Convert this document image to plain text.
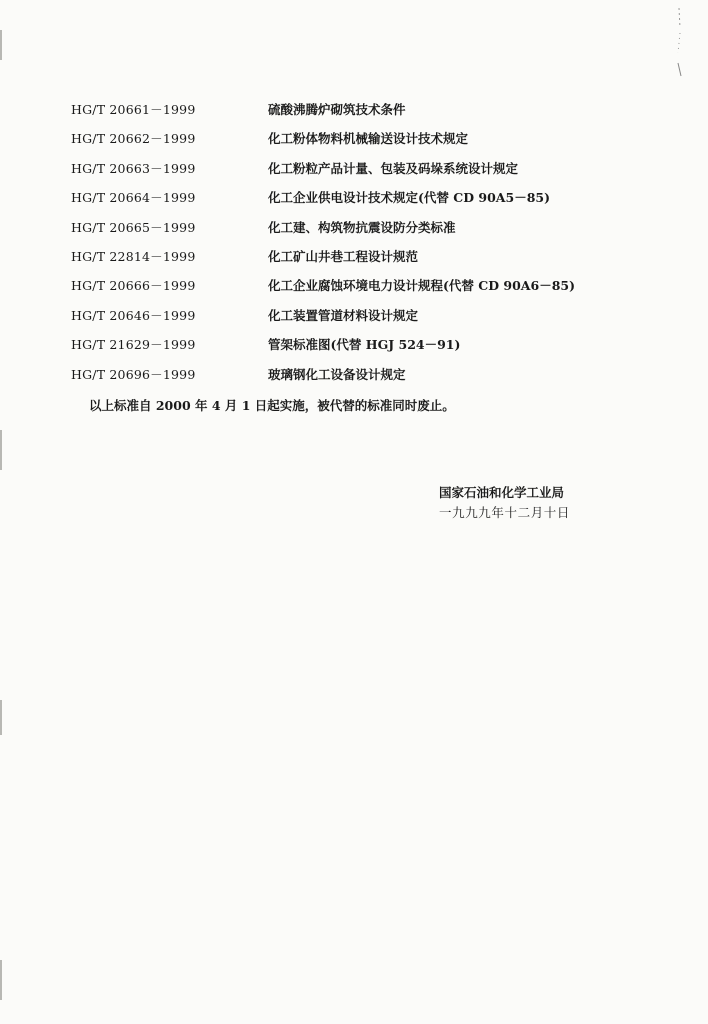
HG/T 20661－1999	硫酸沸腾炉砌筑技术条件
HG/T 20662－1999	化工粉体物料机械输送设计技术规定
HG/T 20663－1999	化工粉粒产品计量、包装及码垛系统设计规定
HG/T 20664－1999	化工企业供电设计技术规定(代替 CD 90A5－85)
HG/T 20665－1999	化工建、构筑物抗震设防分类标准
HG/T 22814－1999	化工矿山井巷工程设计规范
HG/T 20666－1999	化工企业腐蚀环境电力设计规程(代替 CD 90A6－85)
HG/T 20646－1999	化工装置管道材料设计规定
HG/T 21629－1999	管架标准图(代替 HGJ 524－91)
HG/T 20696－1999	玻璃钢化工设备设计规定
以上标准自 2000 年 4 月 1 日起实施，被代替的标准同时废止。
国家石油和化学工业局
一九九九年十二月十日
